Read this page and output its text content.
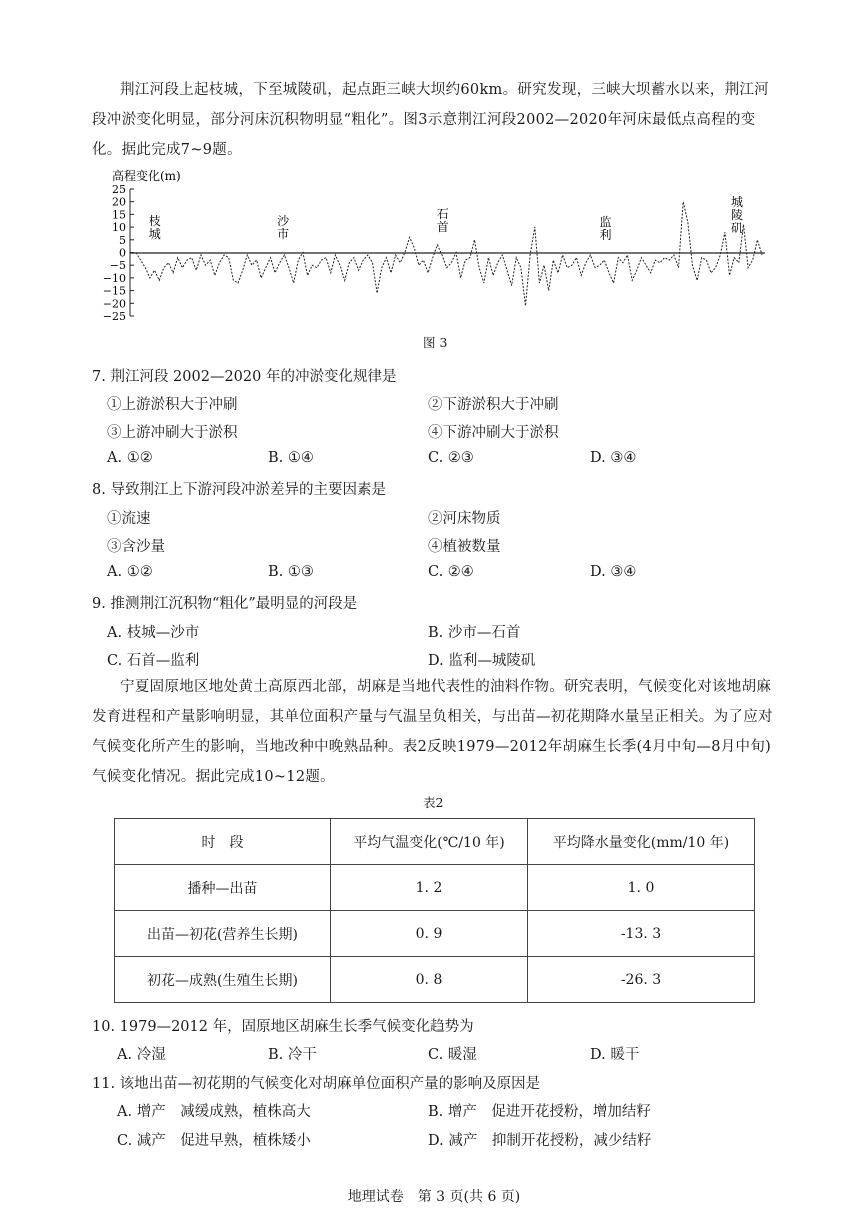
荆江河段上起枝城，下至城陵矶，起点距三峡大坝约60km。研究发现，三峡大坝蓄水以来，荆江河段冲淤变化明显，部分河床沉积物明显“粗化”。图3示意荆江河段2002—2020年河床最低点高程的变化。据此完成7~9题。
高程变化(m)
25
20
15
10
5
0
−5
−10
−15
−20
−25
枝
城
沙
市
石
首	监
利
城
陵
矶
图 3
7. 荆江河段 2002—2020 年的冲淤变化规律是
①上游淤积大于冲刷	②下游淤积大于冲刷
③上游冲刷大于淤积	④下游冲刷大于淤积
A. ①②	B. ①④	C. ②③	D. ③④
8. 导致荆江上下游河段冲淤差异的主要因素是
①流速	②河床物质
③含沙量	④植被数量
A. ①②	B. ①③	C. ②④	D. ③④
9. 推测荆江沉积物“粗化”最明显的河段是
A. 枝城—沙市	B. 沙市—石首
C. 石首—监利	D. 监利—城陵矶
宁夏固原地区地处黄土高原西北部，胡麻是当地代表性的油料作物。研究表明，气候变化对该地胡麻发育进程和产量影响明显，其单位面积产量与气温呈负相关，与出苗—初花期降水量呈正相关。为了应对气候变化所产生的影响，当地改种中晚熟品种。表2反映1979—2012年胡麻生长季(4月中旬—8月中旬)气候变化情况。据此完成10~12题。
表2
时　段	平均气温变化(℃/10 年)	平均降水量变化(mm/10 年)
播种—出苗	1. 2	1. 0
出苗—初花(营养生长期)	0. 9	-13. 3
初花—成熟(生殖生长期)	0. 8	-26. 3
10. 1979—2012 年，固原地区胡麻生长季气候变化趋势为
A. 冷湿	B. 冷干	C. 暖湿	D. 暖干
11. 该地出苗—初花期的气候变化对胡麻单位面积产量的影响及原因是
A. 增产　减缓成熟，植株高大	B. 增产　促进开花授粉，增加结籽
C. 减产　促进早熟，植株矮小	D. 减产　抑制开花授粉，减少结籽
地理试卷　第 3 页(共 6 页)
